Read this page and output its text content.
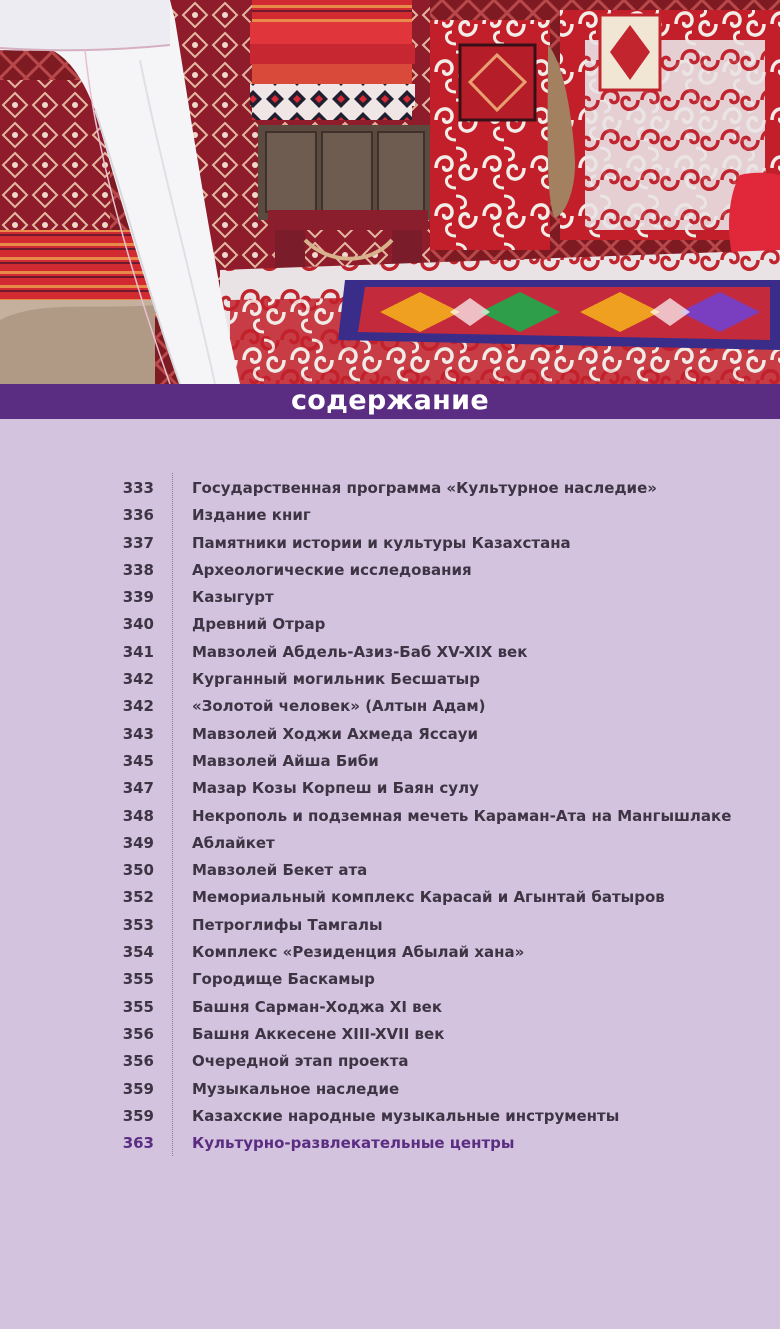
содержание
333	Государственная программа «Культурное наследие»
336	Издание книг
337	Памятники истории и культуры Казахстана
338	Археологические исследования
339	Казыгурт
340	Древний Отрар
341	Мавзолей Абдель-Азиз-Баб XV-XIX век
342	Курганный могильник Бесшатыр
342	«Золотой человек» (Алтын Адам)
343	Мавзолей Ходжи Ахмеда Яссауи
345	Мавзолей Айша Биби
347	Мазар Козы Корпеш и Баян сулу
348	Некрополь и подземная мечеть Караман-Ата на Мангышлаке
349	Аблайкет
350	Мавзолей Бекет ата
352	Мемориальный комплекс Карасай и Агынтай батыров
353	Петроглифы Тамгалы
354	Комплекс «Резиденция Абылай хана»
355	Городище Баскамыр
355	Башня Сарман-Ходжа XI век
356	Башня Аккесене XIII-XVII век
356	Очередной этап проекта
359	Музыкальное наследие
359	Казахские народные музыкальные инструменты
363	Культурно-развлекательные центры
